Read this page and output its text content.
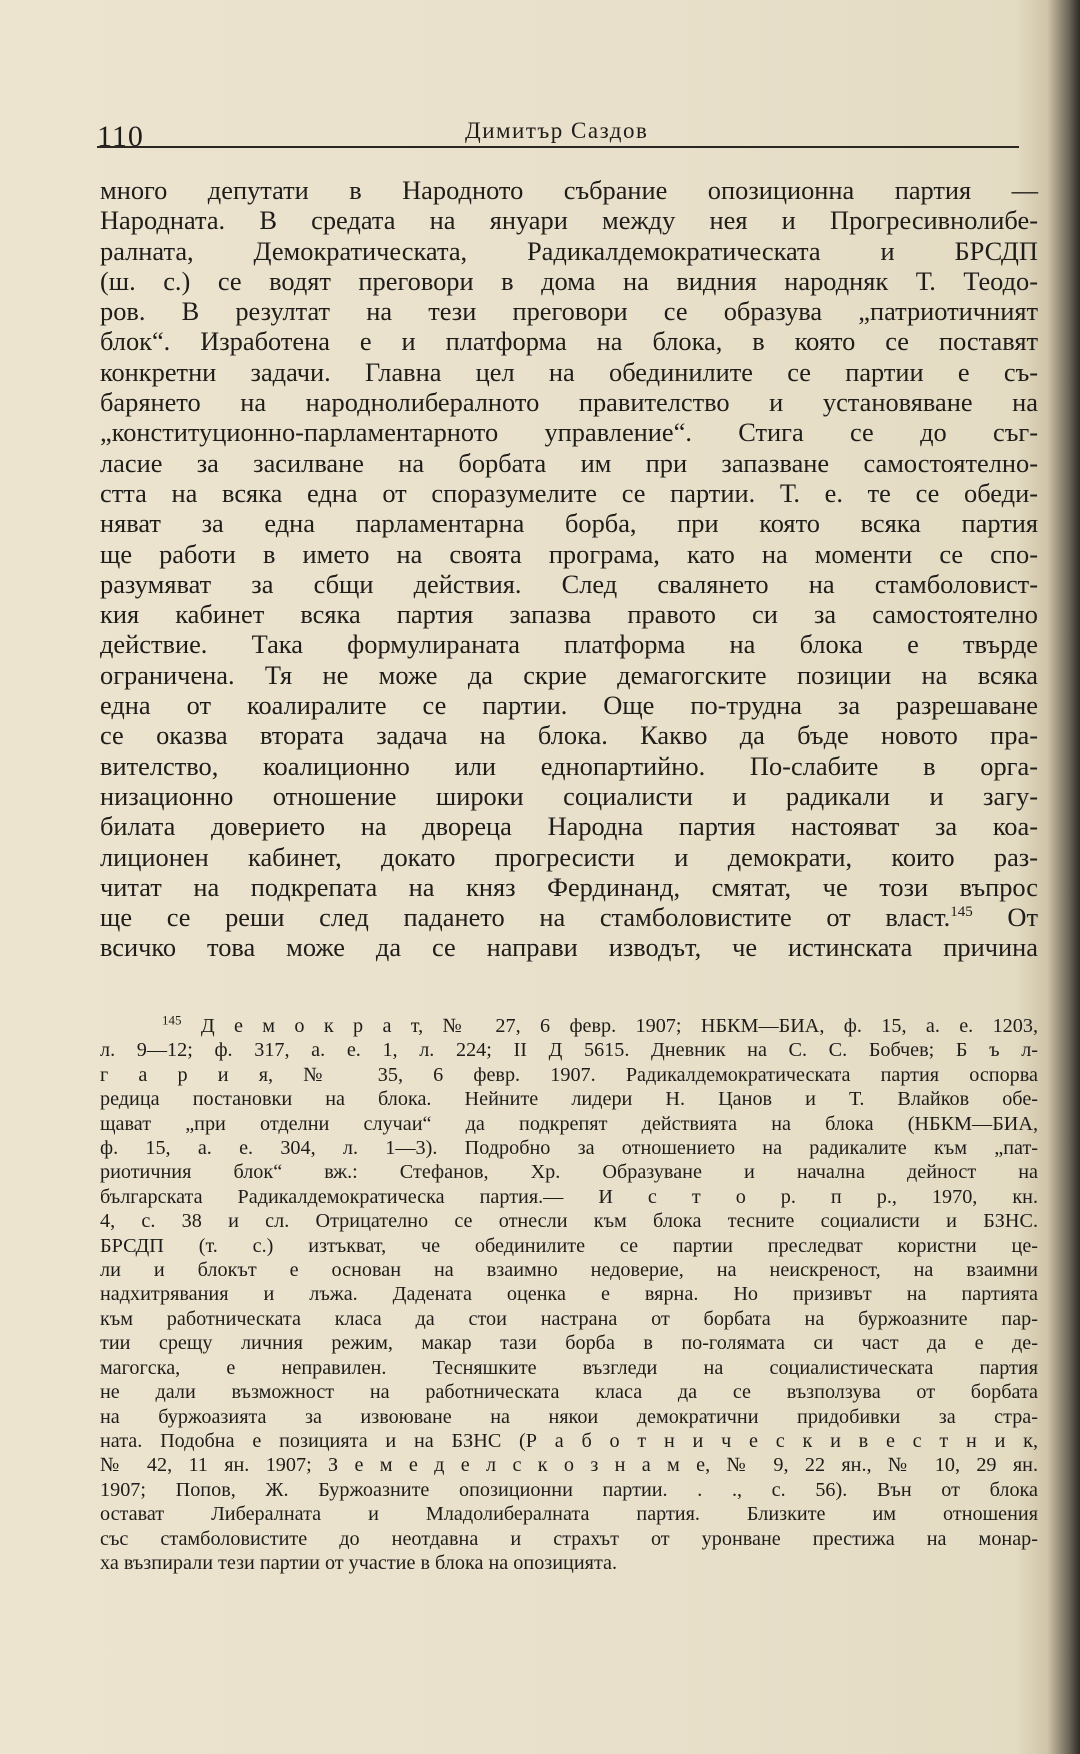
110	Димитър Саздов
много депутати в Народното събрание опозиционна партия —
Народната. В средата на януари между нея и Прогресивнолибе-
ралната, Демократическата, Радикалдемократическата и БРСДП
(ш. с.) се водят преговори в дома на видния народняк Т. Теодо-
ров. В резултат на тези преговори се образува „патриотичният
блок“. Изработена е и платформа на блока, в която се поставят
конкретни задачи. Главна цел на обединилите се партии е съ-
барянето на народнолибералното правителство и установяване на
„конституционно-парламентарното управление“. Стига се до съг-
ласие за засилване на борбата им при запазване самостоятелно-
стта на всяка една от споразумелите се партии. Т. е. те се обеди-
няват за една парламентарна борба, при която всяка партия
ще работи в името на своята програма, като на моменти се спо-
разумяват за сбщи действия. След свалянето на стамболовист-
кия кабинет всяка партия запазва правото си за самостоятелно
действие. Така формулираната платформа на блока е твърде
ограничена. Тя не може да скрие демагогските позиции на всяка
една от коалиралите се партии. Още по-трудна за разрешаване
се оказва втората задача на блока. Какво да бъде новото пра-
вителство, коалиционно или еднопартийно. По-слабите в орга-
низационно отношение широки социалисти и радикали и загу-
билата доверието на двореца Народна партия настояват за коа-
лиционен кабинет, докато прогресисти и демократи, които раз-
читат на подкрепата на княз Фердинанд, смятат, че този въпрос
ще се реши след падането на стамболовистите от власт.$^{145}$ От
всичко това може да се направи изводът, че истинската причина
$^{145}$ Д е м о к р а т, № 27, 6 февр. 1907; НБКМ—БИА, ф. 15, а. е. 1203,
л. 9—12; ф. 317, а. е. 1, л. 224; II Д 5615. Дневник на С. С. Бобчев; Б ъ л-
г а р и я, № 35, 6 февр. 1907. Радикалдемократическата партия оспорва
редица постановки на блока. Нейните лидери Н. Цанов и Т. Влайков обе-
щават „при отделни случаи“ да подкрепят действията на блока (НБКМ—БИА,
ф. 15, а. е. 304, л. 1—3). Подробно за отношението на радикалите към „пат-
риотичния блок“ вж.: Стефанов, Хр. Образуване и начална дейност на
българската Радикалдемократическа партия.— И с т о р. п р., 1970, кн.
4, с. 38 и сл. Отрицателно се отнесли към блока тесните социалисти и БЗНС.
БРСДП (т. с.) изтъкват, че обединилите се партии преследват користни це-
ли и блокът е основан на взаимно недоверие, на неискреност, на взаимни
надхитрявания и лъжа. Дадената оценка е вярна. Но призивът на партията
към работническата класа да стои настрана от борбата на буржоазните пар-
тии срещу личния режим, макар тази борба в по-голямата си част да е де-
магогска, е неправилен. Тесняшките възгледи на социалистическата партия
не дали възможност на работническата класа да се възползува от борбата
на буржоазията за извоюване на някои демократични придобивки за стра-
ната. Подобна е позицията и на БЗНС (Р а б о т н и ч е с к и в е с т н и к,
№ 42, 11 ян. 1907; З е м е д е л с к о з н а м е, № 9, 22 ян., № 10, 29 ян.
1907; Попов, Ж. Буржоазните опозиционни партии. . ., с. 56). Вън от блока
остават Либералната и Младолибералната партия. Близките им отношения
със стамболовистите до неотдавна и страхът от уронване престижа на монар-
ха възпирали тези партии от участие в блока на опозицията.
